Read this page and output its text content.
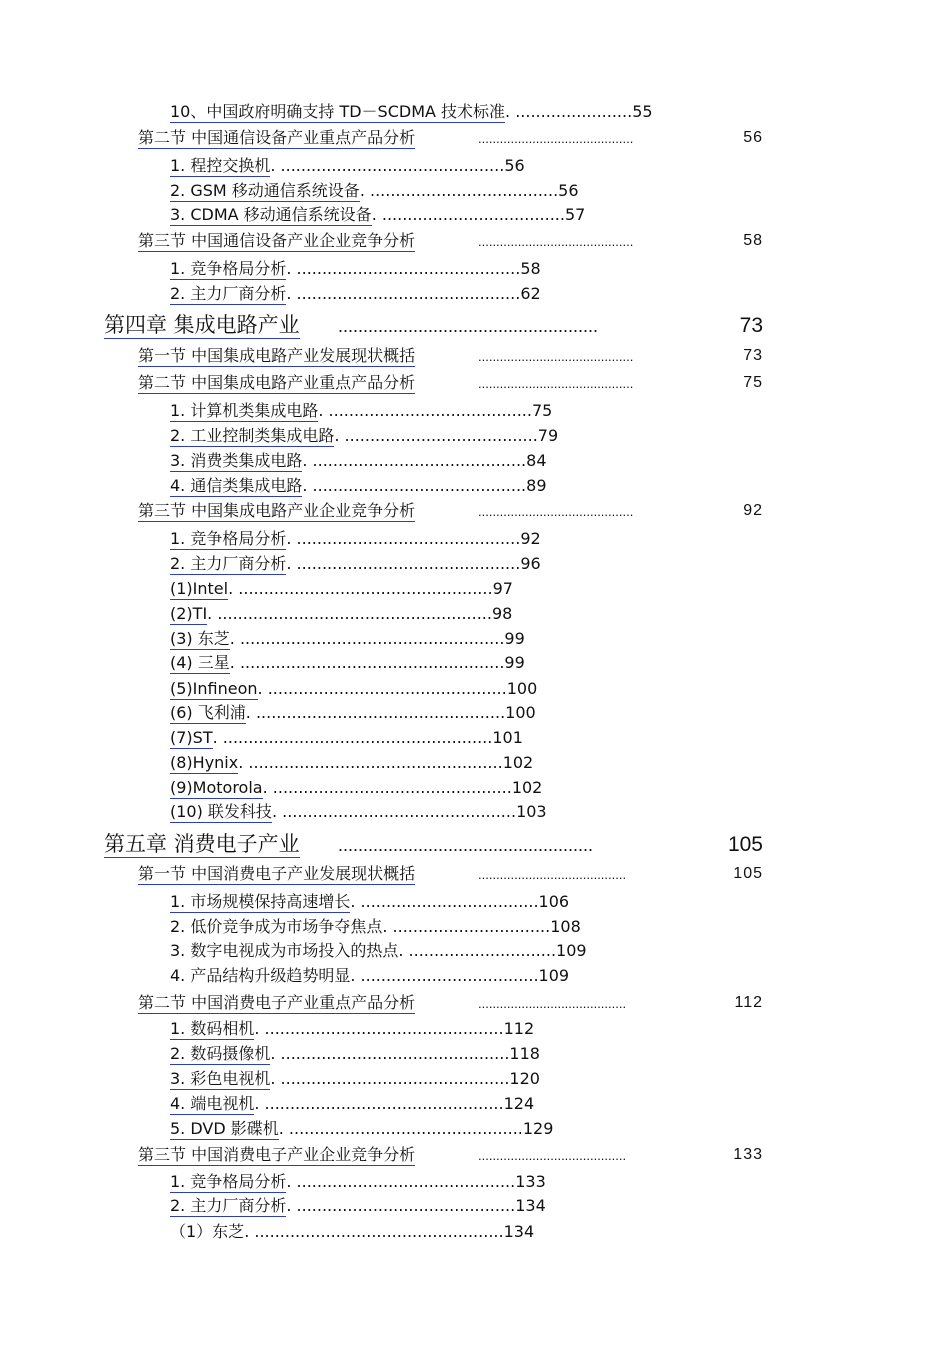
10、中国政府明确支持 TD－SCDMA 技术标准. .......................55
第二节 中国通信设备产业重点产品分析	...........................................	56
1. 程控交换机. ............................................56
2. GSM 移动通信系统设备. .....................................56
3. CDMA 移动通信系统设备. ....................................57
第三节 中国通信设备产业企业竞争分析	...........................................	58
1. 竞争格局分析. ............................................58
2. 主力厂商分析. ............................................62
第四章 集成电路产业 ....................................................	73
第一节 中国集成电路产业发展现状概括	...........................................	73
第二节 中国集成电路产业重点产品分析	...........................................	75
1. 计算机类集成电路. ........................................75
2. 工业控制类集成电路. ......................................79
3. 消费类集成电路. ..........................................84
4. 通信类集成电路. ..........................................89
第三节 中国集成电路产业企业竞争分析	...........................................	92
1. 竞争格局分析. ............................................92
2. 主力厂商分析. ............................................96
(1)Intel. ..................................................97
(2)TI. ......................................................98
(3) 东芝. ....................................................99
(4) 三星. ....................................................99
(5)Infineon. ...............................................100
(6) 飞利浦. .................................................100
(7)ST. .....................................................101
(8)Hynix. ..................................................102
(9)Motorola. ...............................................102
(10) 联发科技. ..............................................103
第五章 消费电子产业 ...................................................	105
第一节 中国消费电子产业发展现状概括	.........................................	105
1. 市场规模保持高速增长. ...................................106
2. 低价竞争成为市场争夺焦点. ...............................108
3. 数字电视成为市场投入的热点. .............................109
4. 产品结构升级趋势明显. ...................................109
第二节 中国消费电子产业重点产品分析	.........................................	112
1. 数码相机. ...............................................112
2. 数码摄像机. .............................................118
3. 彩色电视机. .............................................120
4. 端电视机. ...............................................124
5. DVD 影碟机. ..............................................129
第三节 中国消费电子产业企业竞争分析	.........................................	133
1. 竞争格局分析. ...........................................133
2. 主力厂商分析. ...........................................134
（1）东芝. .................................................134
